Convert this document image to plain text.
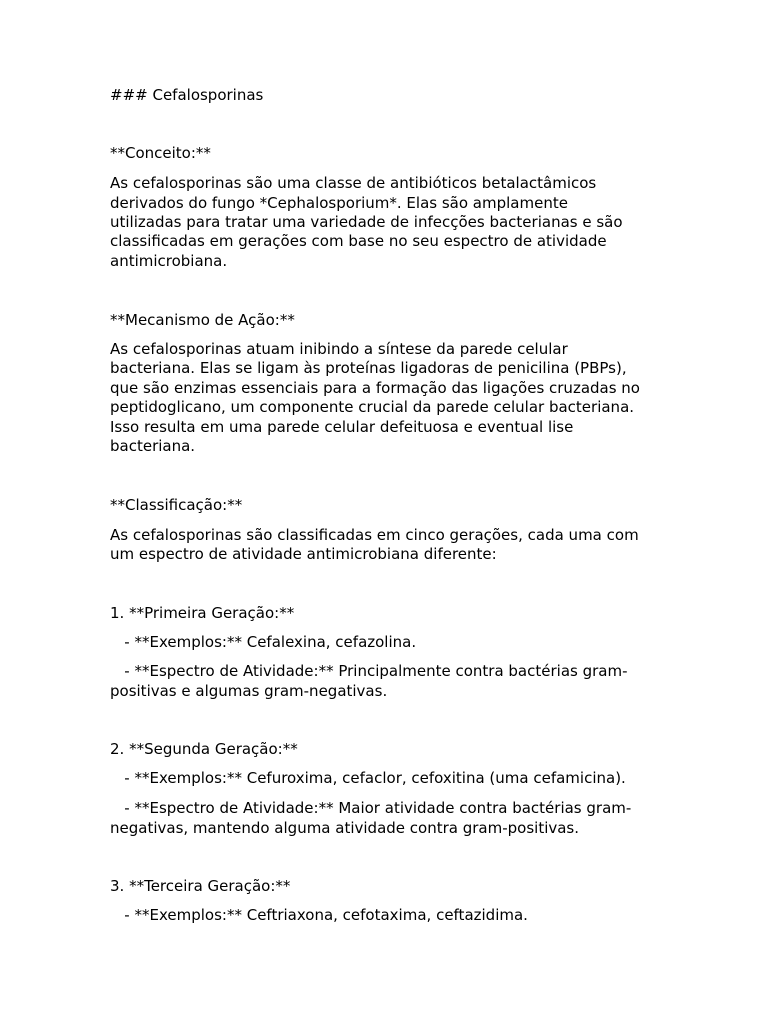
### Cefalosporinas

**Conceito:**

As cefalosporinas são uma classe de antibióticos betalactâmicos

derivados do fungo *Cephalosporium*. Elas são amplamente

utilizadas para tratar uma variedade de infecções bacterianas e são

classificadas em gerações com base no seu espectro de atividade

antimicrobiana.

**Mecanismo de Ação:**

As cefalosporinas atuam inibindo a síntese da parede celular

bacteriana. Elas se ligam às proteínas ligadoras de penicilina (PBPs),

que são enzimas essenciais para a formação das ligações cruzadas no

peptidoglicano, um componente crucial da parede celular bacteriana.

Isso resulta em uma parede celular defeituosa e eventual lise

bacteriana.

**Classificação:**

As cefalosporinas são classificadas em cinco gerações, cada uma com

um espectro de atividade antimicrobiana diferente:

1. **Primeira Geração:**

- **Exemplos:** Cefalexina, cefazolina.

- **Espectro de Atividade:** Principalmente contra bactérias gram-

positivas e algumas gram-negativas.

2. **Segunda Geração:**

- **Exemplos:** Cefuroxima, cefaclor, cefoxitina (uma cefamicina).

- **Espectro de Atividade:** Maior atividade contra bactérias gram-

negativas, mantendo alguma atividade contra gram-positivas.

3. **Terceira Geração:**

- **Exemplos:** Ceftriaxona, cefotaxima, ceftazidima.
